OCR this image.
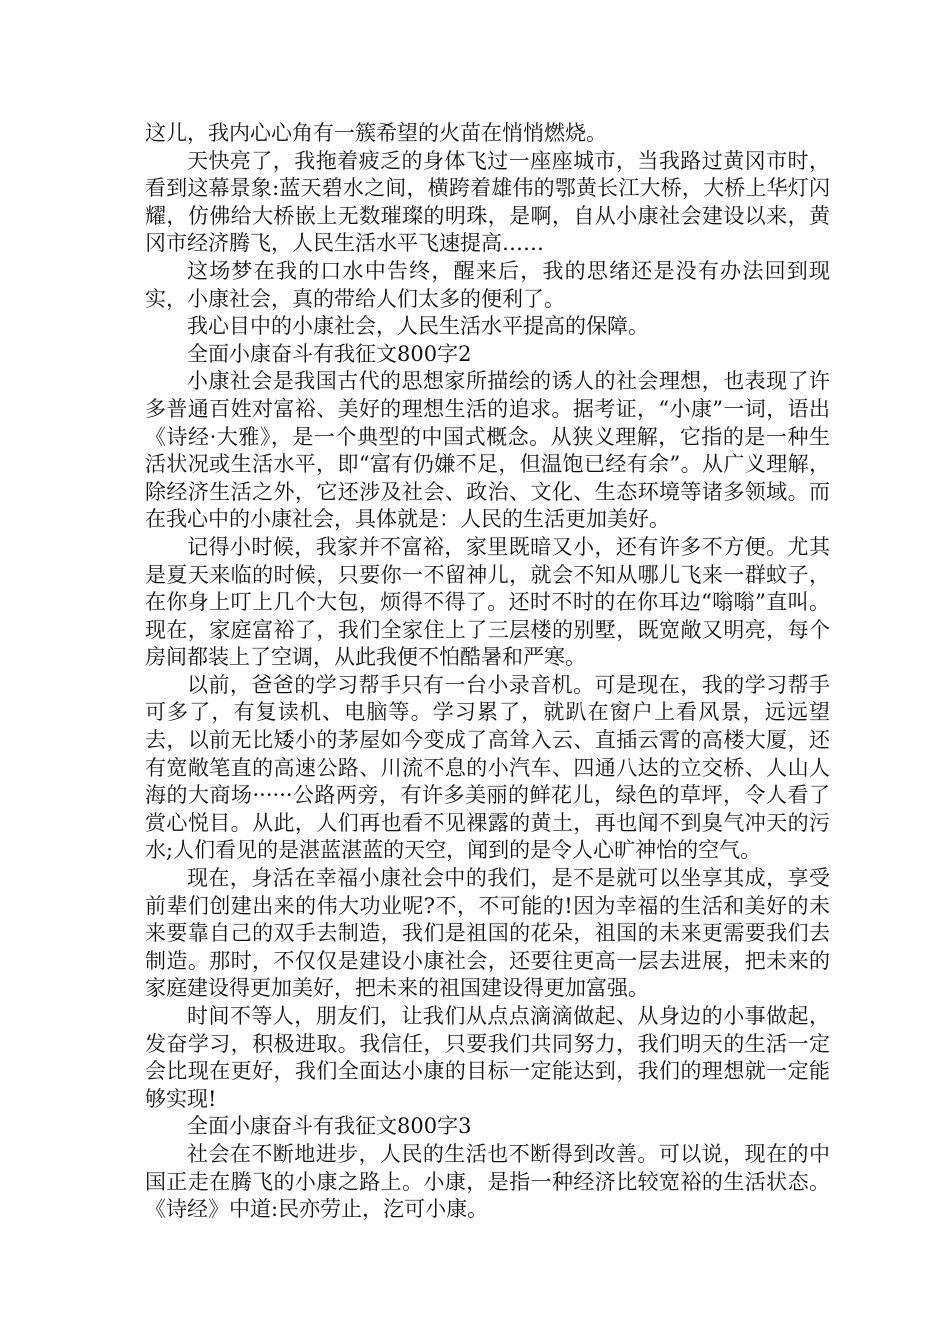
这儿，我内心心角有一簇希望的火苗在悄悄燃烧。

天快亮了，我拖着疲乏的身体飞过一座座城市，当我路过黄冈市时，看到这幕景象:蓝天碧水之间，横跨着雄伟的鄂黄长江大桥，大桥上华灯闪耀，仿佛给大桥嵌上无数璀璨的明珠，是啊，自从小康社会建设以来，黄冈市经济腾飞，人民生活水平飞速提高……

这场梦在我的口水中告终，醒来后，我的思绪还是没有办法回到现实，小康社会，真的带给人们太多的便利了。

我心目中的小康社会，人民生活水平提高的保障。

全面小康奋斗有我征文800字2

小康社会是我国古代的思想家所描绘的诱人的社会理想，也表现了许多普通百姓对富裕、美好的理想生活的追求。据考证，“小康”一词，语出《诗经·大雅》，是一个典型的中国式概念。从狭义理解，它指的是一种生活状况或生活水平，即“富有仍嫌不足，但温饱已经有余”。从广义理解，除经济生活之外，它还涉及社会、政治、文化、生态环境等诸多领域。而在我心中的小康社会，具体就是：人民的生活更加美好。

记得小时候，我家并不富裕，家里既暗又小，还有许多不方便。尤其是夏天来临的时候，只要你一不留神儿，就会不知从哪儿飞来一群蚊子，在你身上叮上几个大包，烦得不得了。还时不时的在你耳边“嗡嗡”直叫。现在，家庭富裕了，我们全家住上了三层楼的别墅，既宽敞又明亮，每个房间都装上了空调，从此我便不怕酷暑和严寒。

以前，爸爸的学习帮手只有一台小录音机。可是现在，我的学习帮手可多了，有复读机、电脑等。学习累了，就趴在窗户上看风景，远远望去，以前无比矮小的茅屋如今变成了高耸入云、直插云霄的高楼大厦，还有宽敞笔直的高速公路、川流不息的小汽车、四通八达的立交桥、人山人海的大商场······公路两旁，有许多美丽的鲜花儿，绿色的草坪，令人看了赏心悦目。从此，人们再也看不见裸露的黄土，再也闻不到臭气冲天的污水;人们看见的是湛蓝湛蓝的天空，闻到的是令人心旷神怡的空气。

现在，身活在幸福小康社会中的我们，是不是就可以坐享其成，享受前辈们创建出来的伟大功业呢?不，不可能的!因为幸福的生活和美好的未来要靠自己的双手去制造，我们是祖国的花朵，祖国的未来更需要我们去制造。那时，不仅仅是建设小康社会，还要往更高一层去进展，把未来的家庭建设得更加美好，把未来的祖国建设得更加富强。

时间不等人，朋友们，让我们从点点滴滴做起、从身边的小事做起，发奋学习，积极进取。我信任，只要我们共同努力，我们明天的生活一定会比现在更好，我们全面达小康的目标一定能达到，我们的理想就一定能够实现!

全面小康奋斗有我征文800字3

社会在不断地进步，人民的生活也不断得到改善。可以说，现在的中国正走在腾飞的小康之路上。小康，是指一种经济比较宽裕的生活状态。《诗经》中道:民亦劳止，汔可小康。
